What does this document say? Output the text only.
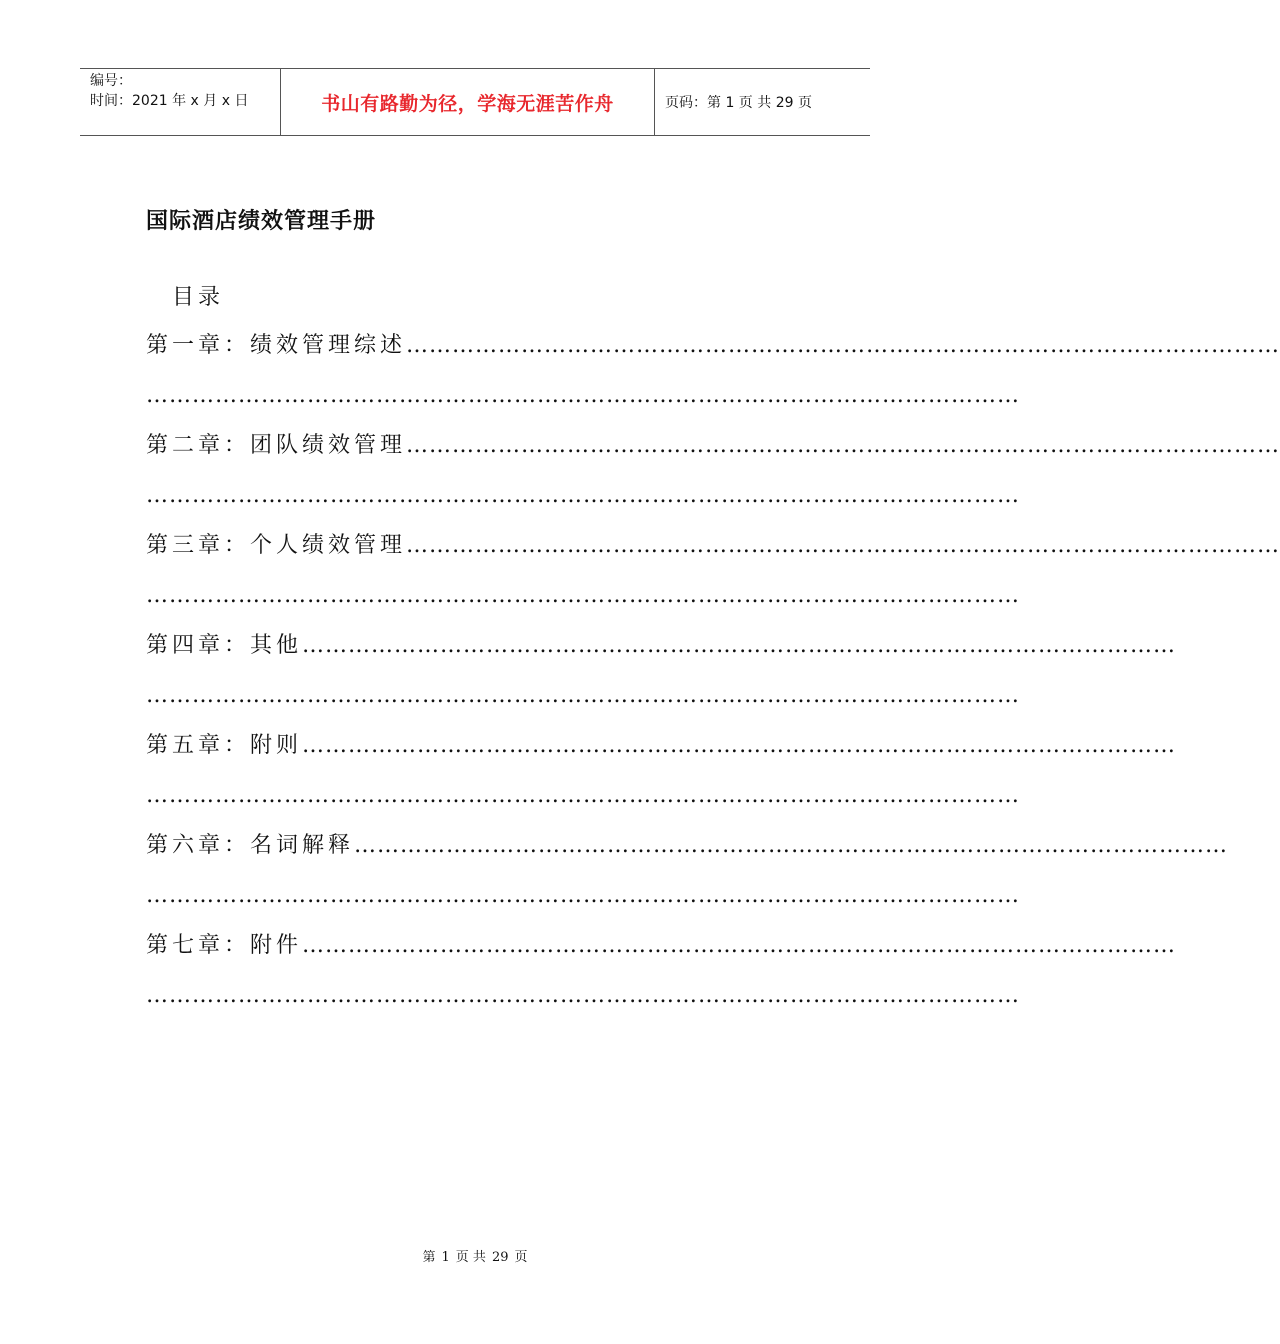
编号：
时间：2021 年 x 月 x 日	书山有路勤为径，学海无涯苦作舟	页码：第 1 页 共 29 页
国际酒店绩效管理手册
目录
第一章：绩效管理综述……………………………………………………………………………………………………
……………………………………………………………………………………………………
第二章：团队绩效管理……………………………………………………………………………………………………
……………………………………………………………………………………………………
第三章：个人绩效管理……………………………………………………………………………………………………
……………………………………………………………………………………………………
第四章：其他……………………………………………………………………………………………………
……………………………………………………………………………………………………
第五章：附则……………………………………………………………………………………………………
……………………………………………………………………………………………………
第六章：名词解释……………………………………………………………………………………………………
……………………………………………………………………………………………………
第七章：附件……………………………………………………………………………………………………
……………………………………………………………………………………………………
第 1 页 共 29 页
